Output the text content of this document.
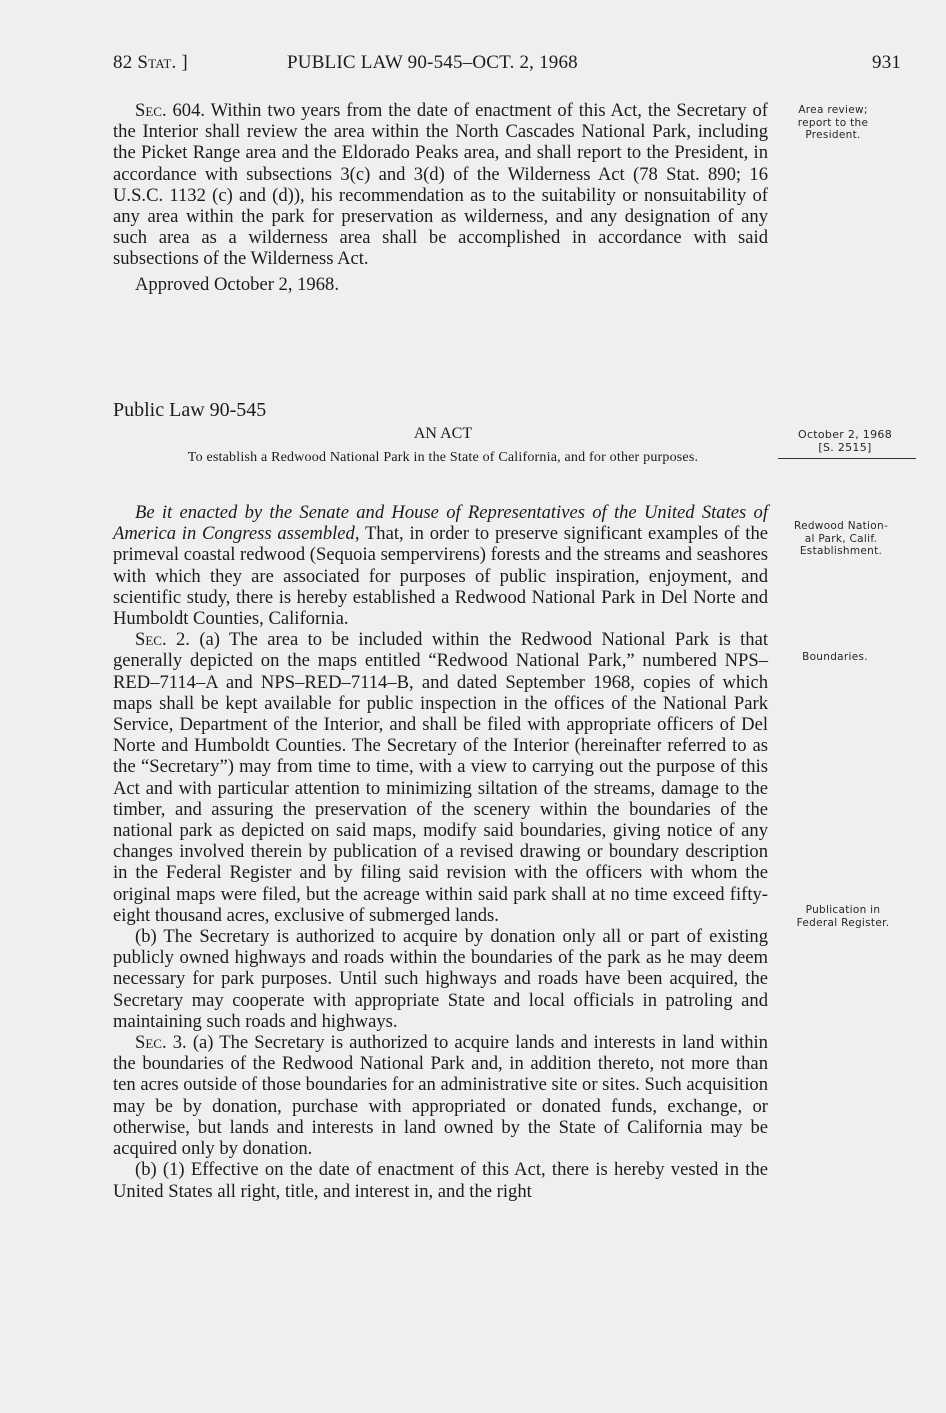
82 Stat. ]	PUBLIC LAW 90-545–OCT. 2, 1968	931

Sec. 604. Within two years from the date of enactment of this Act, the Secretary of the Interior shall review the area within the North Cascades National Park, including the Picket Range area and the Eldorado Peaks area, and shall report to the President, in accordance with subsections 3(c) and 3(d) of the Wilderness Act (78 Stat. 890; 16 U.S.C. 1132 (c) and (d)), his recommendation as to the suitability or nonsuitability of any area within the park for preservation as wilderness, and any designation of any such area as a wilderness area shall be accomplished in accordance with said subsections of the Wilderness Act.

Approved October 2, 1968.

Public Law 90-545
AN ACT
To establish a Redwood National Park in the State of California, and for other purposes.

Be it enacted by the Senate and House of Representatives of the United States of America in Congress assembled, That, in order to preserve significant examples of the primeval coastal redwood (Sequoia sempervirens) forests and the streams and seashores with which they are associated for purposes of public inspiration, enjoyment, and scientific study, there is hereby established a Redwood National Park in Del Norte and Humboldt Counties, California.

Sec. 2. (a) The area to be included within the Redwood National Park is that generally depicted on the maps entitled “Redwood National Park,” numbered NPS–RED–7114–A and NPS–RED–7114–B, and dated September 1968, copies of which maps shall be kept available for public inspection in the offices of the National Park Service, Department of the Interior, and shall be filed with appropriate officers of Del Norte and Humboldt Counties. The Secretary of the Interior (hereinafter referred to as the “Secretary”) may from time to time, with a view to carrying out the purpose of this Act and with particular attention to minimizing siltation of the streams, damage to the timber, and assuring the preservation of the scenery within the boundaries of the national park as depicted on said maps, modify said boundaries, giving notice of any changes involved therein by publication of a revised drawing or boundary description in the Federal Register and by filing said revision with the officers with whom the original maps were filed, but the acreage within said park shall at no time exceed fifty-eight thousand acres, exclusive of submerged lands.

(b) The Secretary is authorized to acquire by donation only all or part of existing publicly owned highways and roads within the boundaries of the park as he may deem necessary for park purposes. Until such highways and roads have been acquired, the Secretary may cooperate with appropriate State and local officials in patroling and maintaining such roads and highways.

Sec. 3. (a) The Secretary is authorized to acquire lands and interests in land within the boundaries of the Redwood National Park and, in addition thereto, not more than ten acres outside of those boundaries for an administrative site or sites. Such acquisition may be by donation, purchase with appropriated or donated funds, exchange, or otherwise, but lands and interests in land owned by the State of California may be acquired only by donation.

(b) (1) Effective on the date of enactment of this Act, there is hereby vested in the United States all right, title, and interest in, and the right

Area review;
report to the
President.
October 2, 1968
[S. 2515]
Redwood Nation-
al Park, Calif.
Establishment.
Boundaries.
Publication in
Federal Register.
